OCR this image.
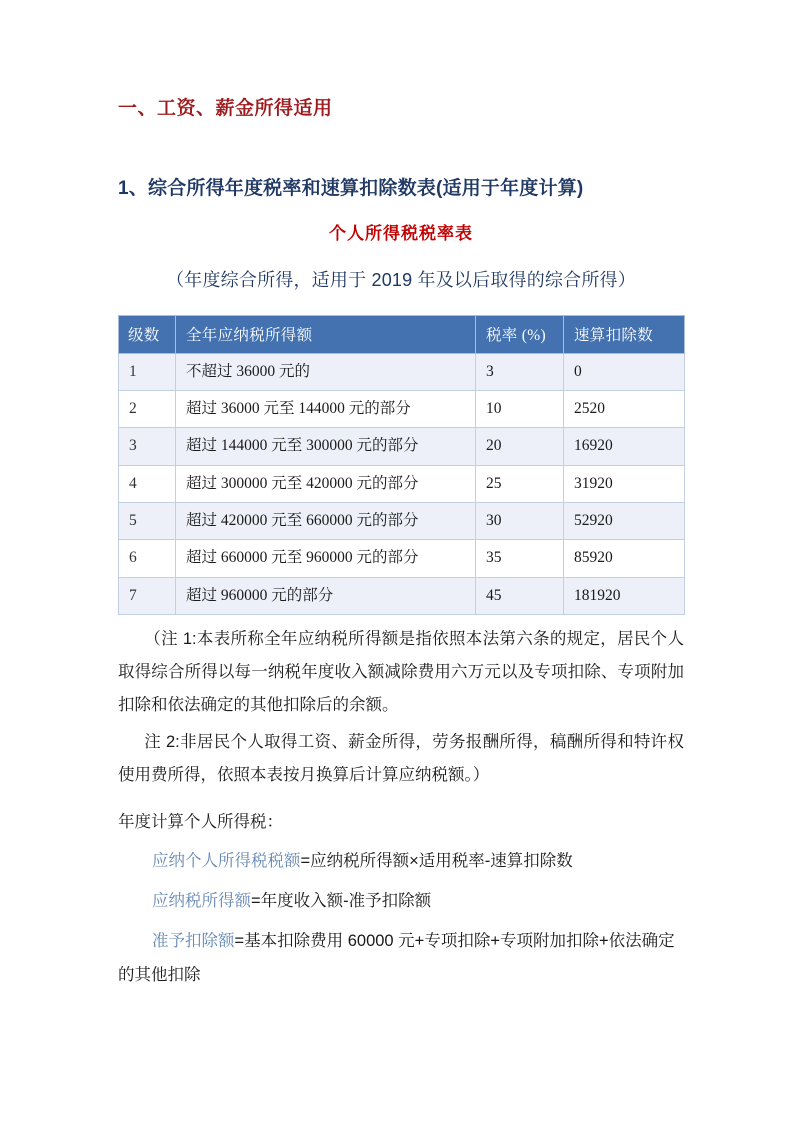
一、工资、薪金所得适用
1、综合所得年度税率和速算扣除数表(适用于年度计算)
个人所得税税率表
（年度综合所得，适用于 2019 年及以后取得的综合所得）
级数	全年应纳税所得额	税率 (%)	速算扣除数
1	不超过 36000 元的	3	0
2	超过 36000 元至 144000 元的部分	10	2520
3	超过 144000 元至 300000 元的部分	20	16920
4	超过 300000 元至 420000 元的部分	25	31920
5	超过 420000 元至 660000 元的部分	30	52920
6	超过 660000 元至 960000 元的部分	35	85920
7	超过 960000 元的部分	45	181920

（注 1:本表所称全年应纳税所得额是指依照本法第六条的规定，居民个人取得综合所得以每一纳税年度收入额减除费用六万元以及专项扣除、专项附加扣除和依法确定的其他扣除后的余额。

注 2:非居民个人取得工资、薪金所得，劳务报酬所得，稿酬所得和特许权使用费所得，依照本表按月换算后计算应纳税额。）

年度计算个人所得税：

应纳个人所得税税额=应纳税所得额×适用税率-速算扣除数

应纳税所得额=年度收入额-准予扣除额

准予扣除额=基本扣除费用 60000 元+专项扣除+专项附加扣除+依法确定的其他扣除
